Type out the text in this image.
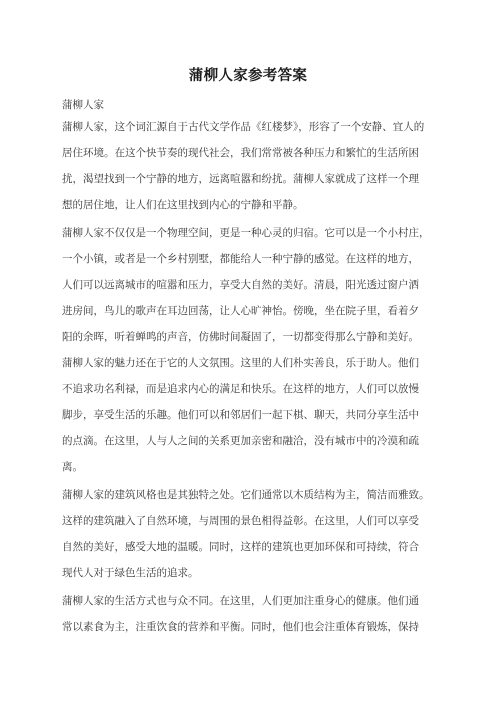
蒲柳人家参考答案
蒲柳人家
蒲柳人家，这个词汇源自于古代文学作品《红楼梦》，形容了一个安静、宜人的
居住环境。在这个快节奏的现代社会，我们常常被各种压力和繁忙的生活所困
扰，渴望找到一个宁静的地方，远离喧嚣和纷扰。蒲柳人家就成了这样一个理
想的居住地，让人们在这里找到内心的宁静和平静。
蒲柳人家不仅仅是一个物理空间，更是一种心灵的归宿。它可以是一个小村庄，
一个小镇，或者是一个乡村别墅，都能给人一种宁静的感觉。在这样的地方，
人们可以远离城市的喧嚣和压力，享受大自然的美好。清晨，阳光透过窗户洒
进房间，鸟儿的歌声在耳边回荡，让人心旷神怡。傍晚，坐在院子里，看着夕
阳的余晖，听着蝉鸣的声音，仿佛时间凝固了，一切都变得那么宁静和美好。
蒲柳人家的魅力还在于它的人文氛围。这里的人们朴实善良，乐于助人。他们
不追求功名利禄，而是追求内心的满足和快乐。在这样的地方，人们可以放慢
脚步，享受生活的乐趣。他们可以和邻居们一起下棋、聊天，共同分享生活中
的点滴。在这里，人与人之间的关系更加亲密和融洽，没有城市中的冷漠和疏
离。
蒲柳人家的建筑风格也是其独特之处。它们通常以木质结构为主，简洁而雅致。
这样的建筑融入了自然环境，与周围的景色相得益彰。在这里，人们可以享受
自然的美好，感受大地的温暖。同时，这样的建筑也更加环保和可持续，符合
现代人对于绿色生活的追求。
蒲柳人家的生活方式也与众不同。在这里，人们更加注重身心的健康。他们通
常以素食为主，注重饮食的营养和平衡。同时，他们也会注重体育锻炼，保持
